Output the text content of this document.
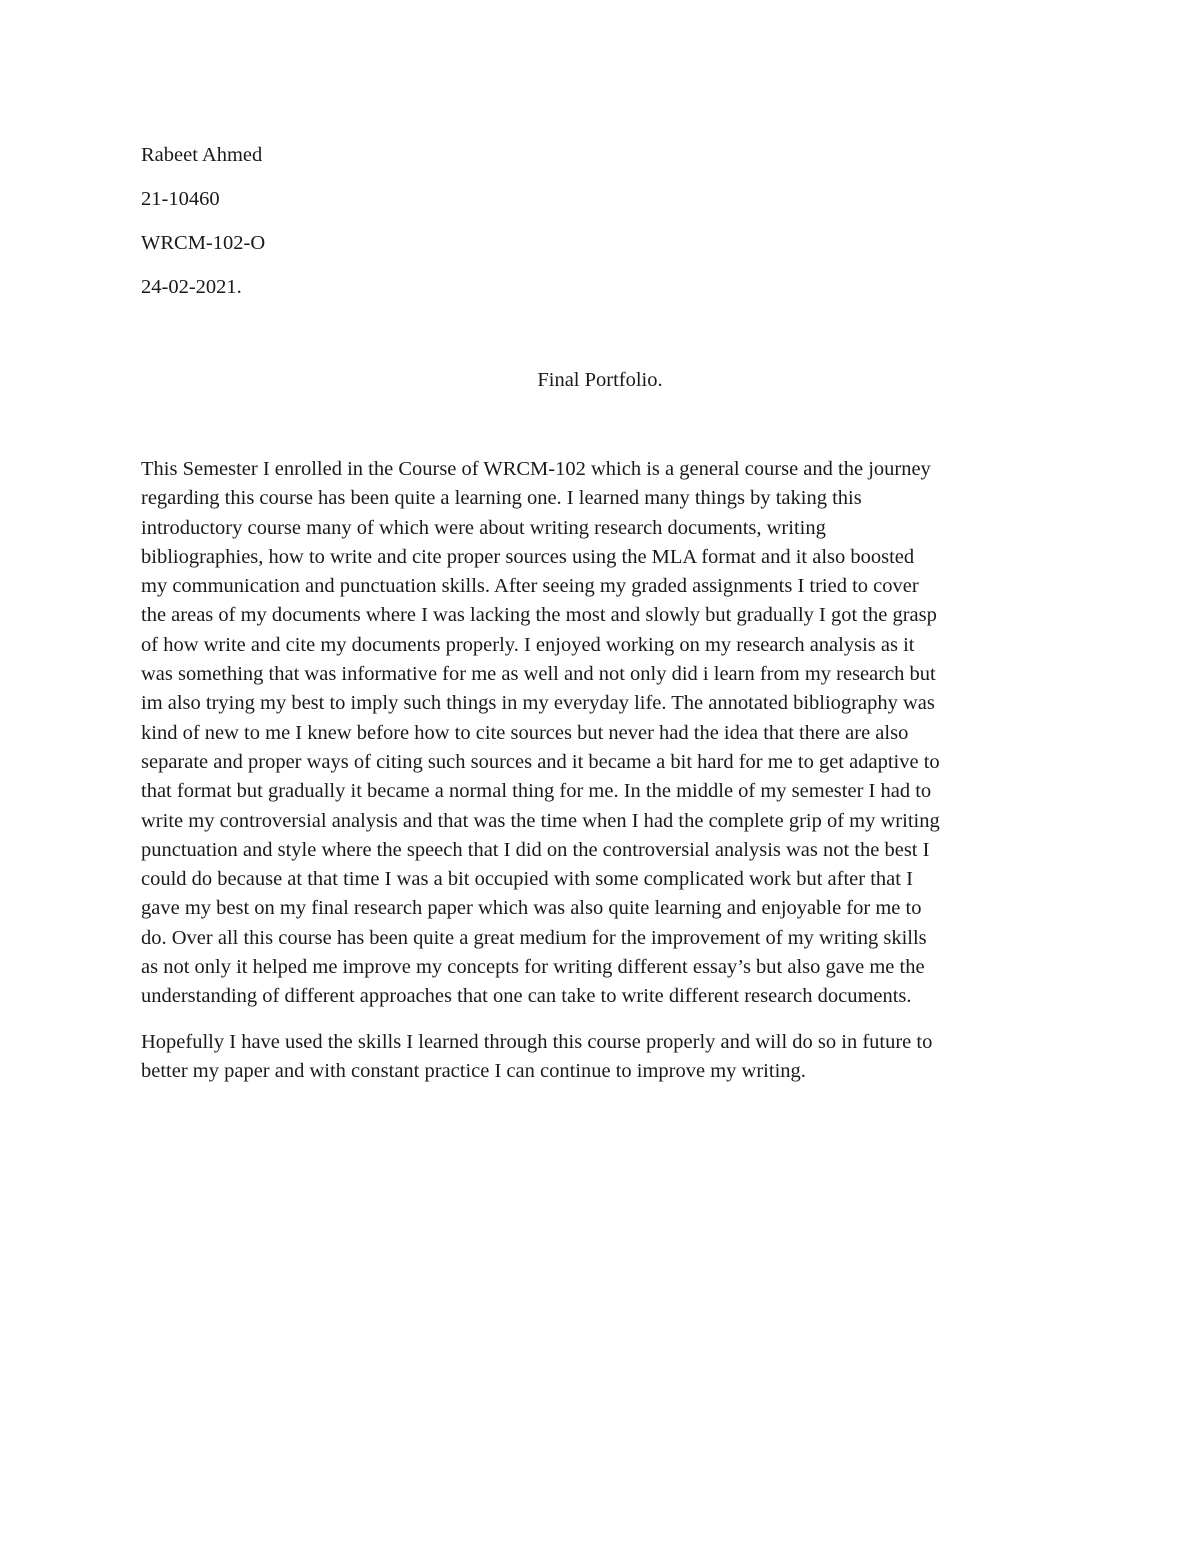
Rabeet Ahmed
21-10460
WRCM-102-O
24-02-2021.
Final Portfolio.

This Semester I enrolled in the Course of WRCM-102 which is a general course and the journey
regarding this course has been quite a learning one. I learned many things by taking this
introductory course many of which were about writing research documents, writing
bibliographies, how to write and cite proper sources using the MLA format and it also boosted
my communication and punctuation skills. After seeing my graded assignments I tried to cover
the areas of my documents where I was lacking the most and slowly but gradually I got the grasp
of how write and cite my documents properly. I enjoyed working on my research analysis as it
was something that was informative for me as well and not only did i learn from my research but
im also trying my best to imply such things in my everyday life. The annotated bibliography was
kind of new to me I knew before how to cite sources but never had the idea that there are also
separate and proper ways of citing such sources and it became a bit hard for me to get adaptive to
that format but gradually it became a normal thing for me. In the middle of my semester I had to
write my controversial analysis and that was the time when I had the complete grip of my writing
punctuation and style where the speech that I did on the controversial analysis was not the best I
could do because at that time I was a bit occupied with some complicated work but after that I
gave my best on my final research paper which was also quite learning and enjoyable for me to
do. Over all this course has been quite a great medium for the improvement of my writing skills
as not only it helped me improve my concepts for writing different essay’s but also gave me the
understanding of different approaches that one can take to write different research documents.

Hopefully I have used the skills I learned through this course properly and will do so in future to
better my paper and with constant practice I can continue to improve my writing.
